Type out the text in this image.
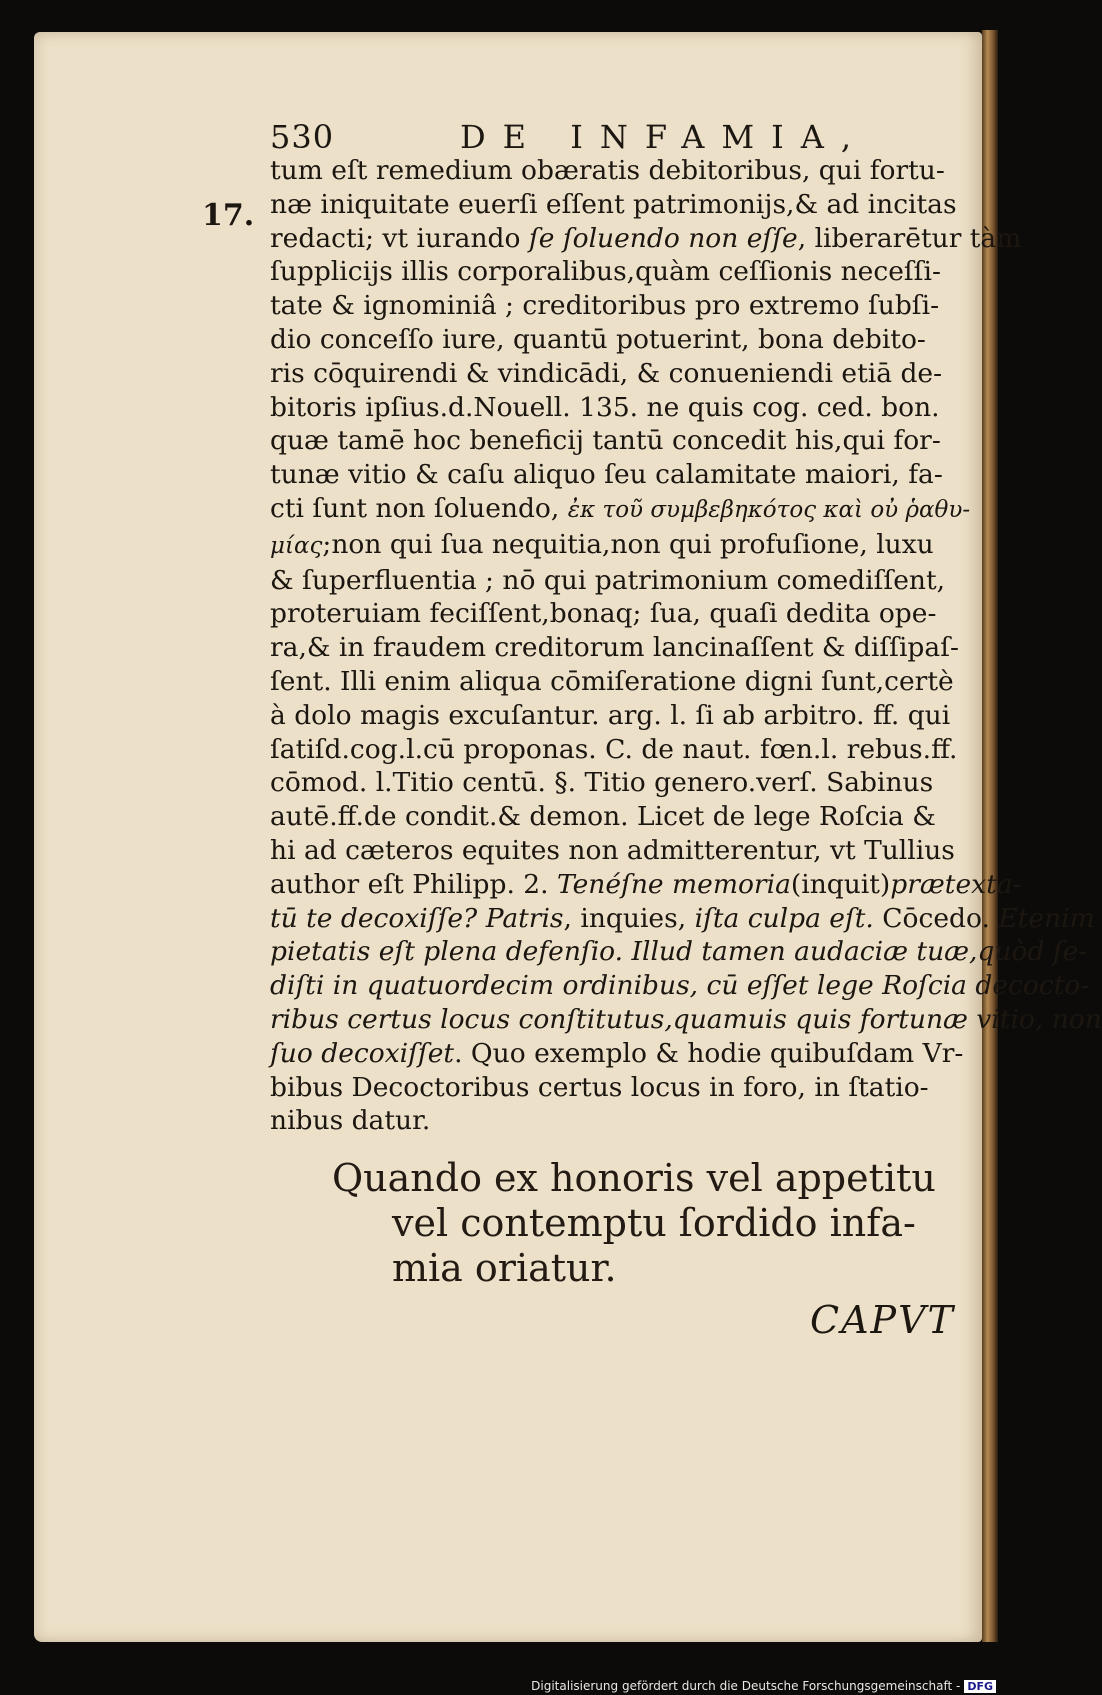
530	DE INFAMIA,
17.
tum eſt remedium obæratis debitoribus, qui fortu-
næ iniquitate euerſi eſſent patrimonijs,& ad incitas
redacti; vt iurando ſe ſoluendo non eſſe, liberarētur tàm
ſupplicijs illis corporalibus,quàm ceſſionis neceſſi-
tate & ignominiâ ; creditoribus pro extremo ſubſi-
dio conceſſo iure, quantū potuerint, bona debito-
ris cōquirendi & vindicādi, & conueniendi etiā de-
bitoris ipſius.d.Nouell. 135. ne quis cog. ced. bon.
quæ tamē hoc beneficij tantū concedit his,qui for-
tunæ vitio & caſu aliquo ſeu calamitate maiori, fa-
cti ſunt non ſoluendo, ἐκ τοῦ συμβεβηκότος καὶ οὐ ῥαθυ-
μίας;non qui ſua nequitia,non qui profuſione, luxu
& ſuperfluentia ; nō qui patrimonium comediſſent,
proteruiam feciſſent,bonaq; ſua, quaſi dedita ope-
ra,& in fraudem creditorum lancinaſſent & diſſipaſ-
ſent. Illi enim aliqua cōmiſeratione digni ſunt,certè
à dolo magis excuſantur. arg. l. ſi ab arbitro. ff. qui
ſatiſd.cog.l.cū proponas. C. de naut. fœn.l. rebus.ff.
cōmod. l.Titio centū. §. Titio genero.verſ. Sabinus
autē.ff.de condit.& demon. Licet de lege Roſcia &
hi ad cæteros equites non admitterentur, vt Tullius
author eſt Philipp. 2. Tenéſne memoria(inquit)prætexta-
tū te decoxiſſe? Patris, inquies, iſta culpa eſt. Cōcedo. Etenim
pietatis eſt plena defenſio. Illud tamen audaciæ tuæ,quòd ſe-
diſti in quatuordecim ordinibus, cū eſſet lege Roſcia decocto-
ribus certus locus conſtitutus,quamuis quis fortunæ vitio, non
ſuo decoxiſſet. Quo exemplo & hodie quibuſdam Vr-
bibus Decoctoribus certus locus in foro, in ſtatio-
nibus datur.
Quando ex honoris vel appetitu
vel contemptu ſordido infa-
mia oriatur.
CAPVT
Digitalisierung gefördert durch die Deutsche Forschungsgemeinschaft - DFG
